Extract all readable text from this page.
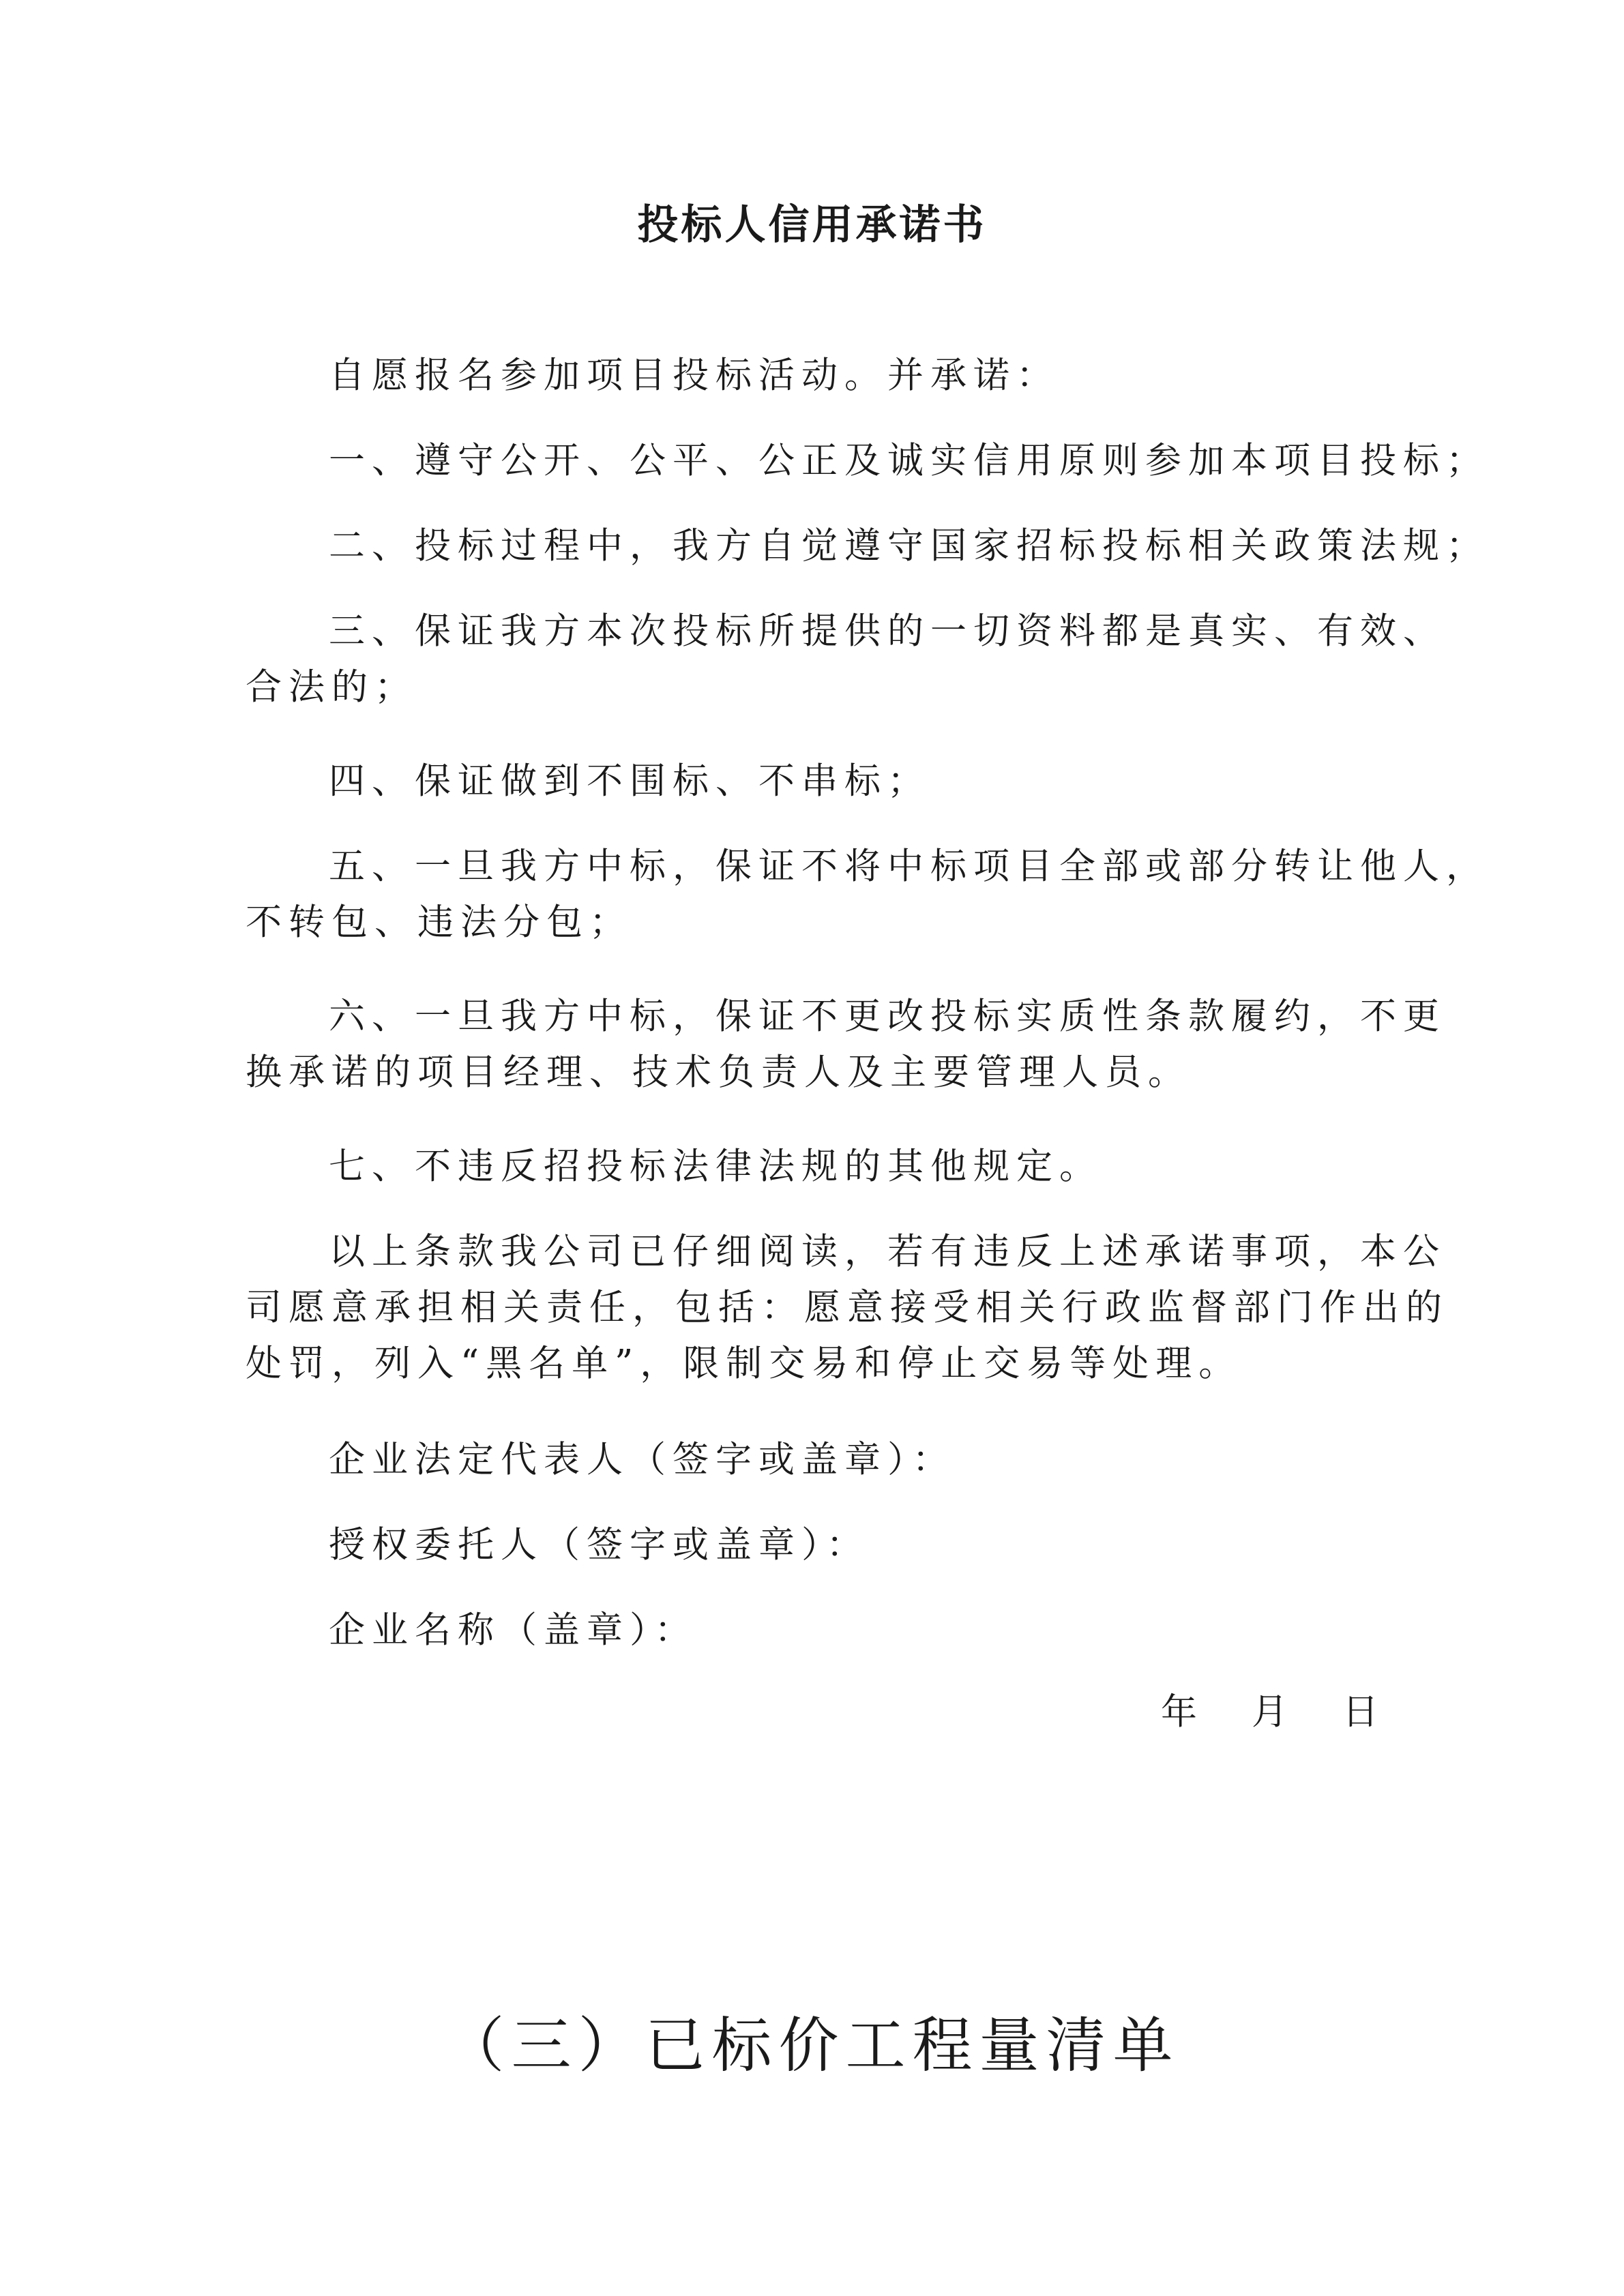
投标人信用承诺书
自愿报名参加项目投标活动。并承诺：
一、遵守公开、公平、公正及诚实信用原则参加本项目投标；
二、投标过程中，我方自觉遵守国家招标投标相关政策法规；
三、保证我方本次投标所提供的一切资料都是真实、有效、
合法的；
四、保证做到不围标、不串标；
五、一旦我方中标，保证不将中标项目全部或部分转让他人，
不转包、违法分包；
六、一旦我方中标，保证不更改投标实质性条款履约，不更
换承诺的项目经理、技术负责人及主要管理人员。
七、不违反招投标法律法规的其他规定。
以上条款我公司已仔细阅读，若有违反上述承诺事项，本公
司愿意承担相关责任，包括：愿意接受相关行政监督部门作出的
处罚，列入“黑名单”，限制交易和停止交易等处理。
企业法定代表人（签字或盖章）：
授权委托人（签字或盖章）：
企业名称（盖章）：
年 月 日
（三）已标价工程量清单
